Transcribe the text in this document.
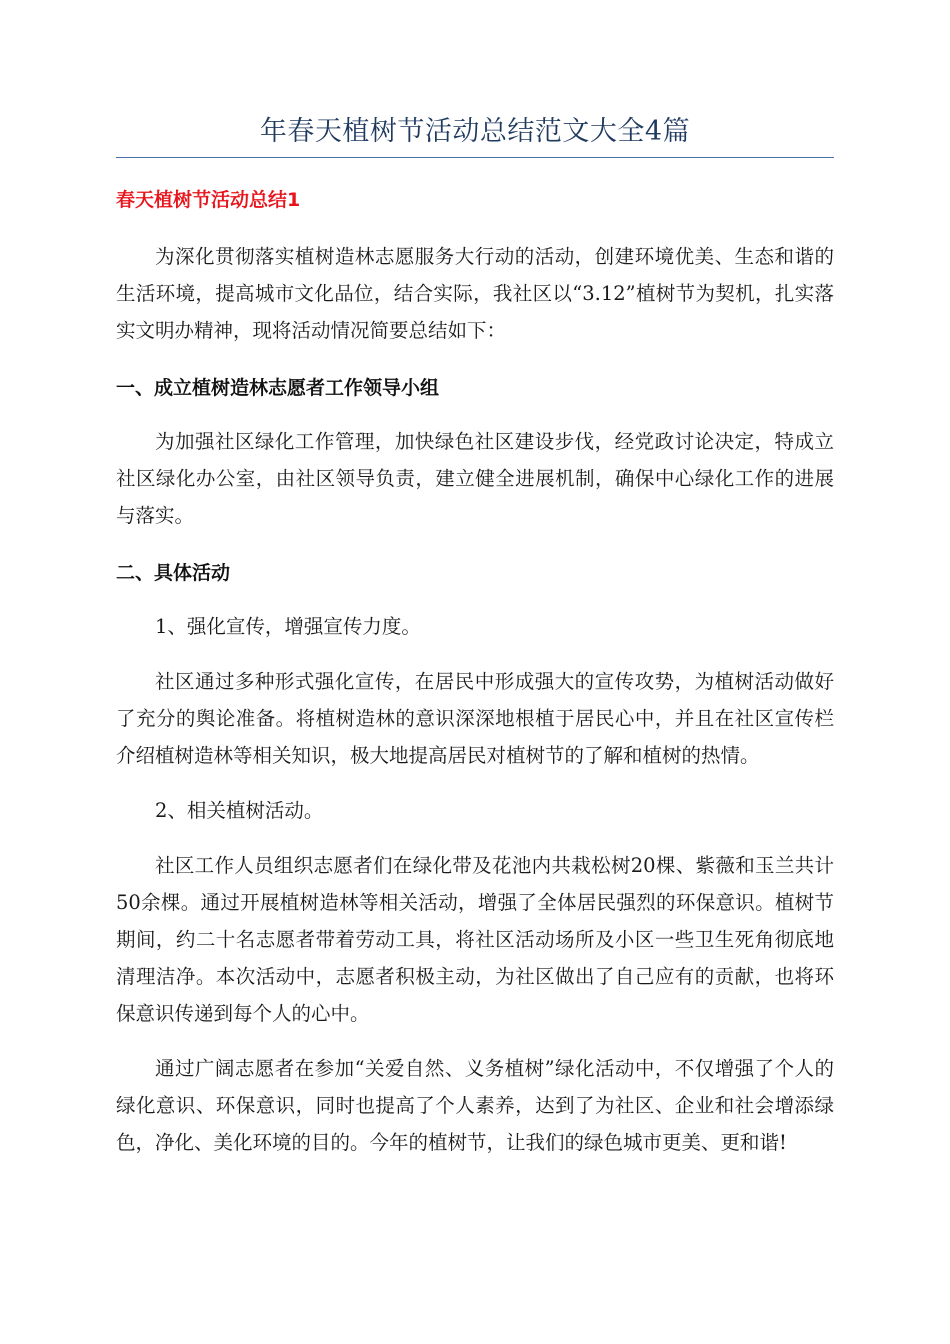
年春天植树节活动总结范文大全4篇
春天植树节活动总结1

为深化贯彻落实植树造林志愿服务大行动的活动，创建环境优美、生态和谐的生活环境，提高城市文化品位，结合实际，我社区以“3.12”植树节为契机，扎实落实文明办精神，现将活动情况简要总结如下：

一、成立植树造林志愿者工作领导小组

为加强社区绿化工作管理，加快绿色社区建设步伐，经党政讨论决定，特成立社区绿化办公室，由社区领导负责，建立健全进展机制，确保中心绿化工作的进展与落实。

二、具体活动

1、强化宣传，增强宣传力度。

社区通过多种形式强化宣传，在居民中形成强大的宣传攻势，为植树活动做好了充分的舆论准备。将植树造林的意识深深地根植于居民心中，并且在社区宣传栏介绍植树造林等相关知识，极大地提高居民对植树节的了解和植树的热情。

2、相关植树活动。

社区工作人员组织志愿者们在绿化带及花池内共栽松树20棵、紫薇和玉兰共计50余棵。通过开展植树造林等相关活动，增强了全体居民强烈的环保意识。植树节期间，约二十名志愿者带着劳动工具，将社区活动场所及小区一些卫生死角彻底地清理洁净。本次活动中，志愿者积极主动，为社区做出了自己应有的贡献，也将环保意识传递到每个人的心中。

通过广阔志愿者在参加“关爱自然、义务植树”绿化活动中，不仅增强了个人的绿化意识、环保意识，同时也提高了个人素养，达到了为社区、企业和社会增添绿色，净化、美化环境的目的。今年的植树节，让我们的绿色城市更美、更和谐!
